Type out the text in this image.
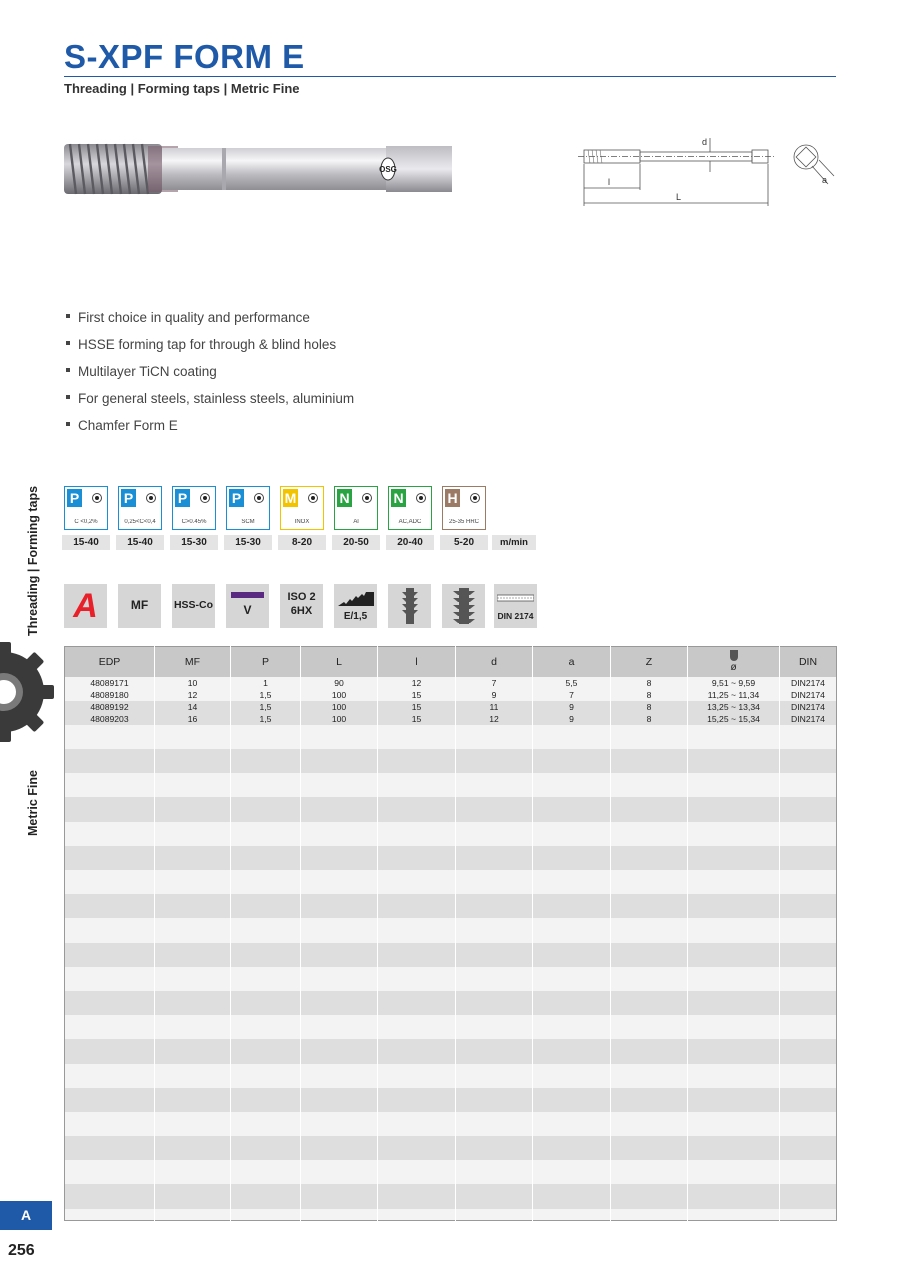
S-XPF FORM E
Threading | Forming taps | Metric Fine
OSG
d
l
L
a
First choice in quality and performance
HSSE forming tap for through & blind holes
Multilayer TiCN coating
For general steels, stainless steels, aluminium
Chamfer Form E
Threading | Forming taps
Metric Fine
P
C <0,2%
15-40
P
0,25<C<0,4
15-40
P
C>0.45%
15-30
P
SCM
15-30
M
INOX
8-20
N
Al
20-50
N
AC,ADC
20-40
H
25-35 HRC
5-20	m/min
A	MF	HSS-Co	V
ISO 2
6HX	E/1,5	DIN 2174
EDP	MF	P	L	l	d	a	Z	ø	DIN
48089171	10	1	90	12	7	5,5	8	9,51 ~ 9,59	DIN2174
48089180	12	1,5	100	15	9	7	8	11,25 ~ 11,34	DIN2174
48089192	14	1,5	100	15	11	9	8	13,25 ~ 13,34	DIN2174
48089203	16	1,5	100	15	12	9	8	15,25 ~ 15,34	DIN2174

A
256
